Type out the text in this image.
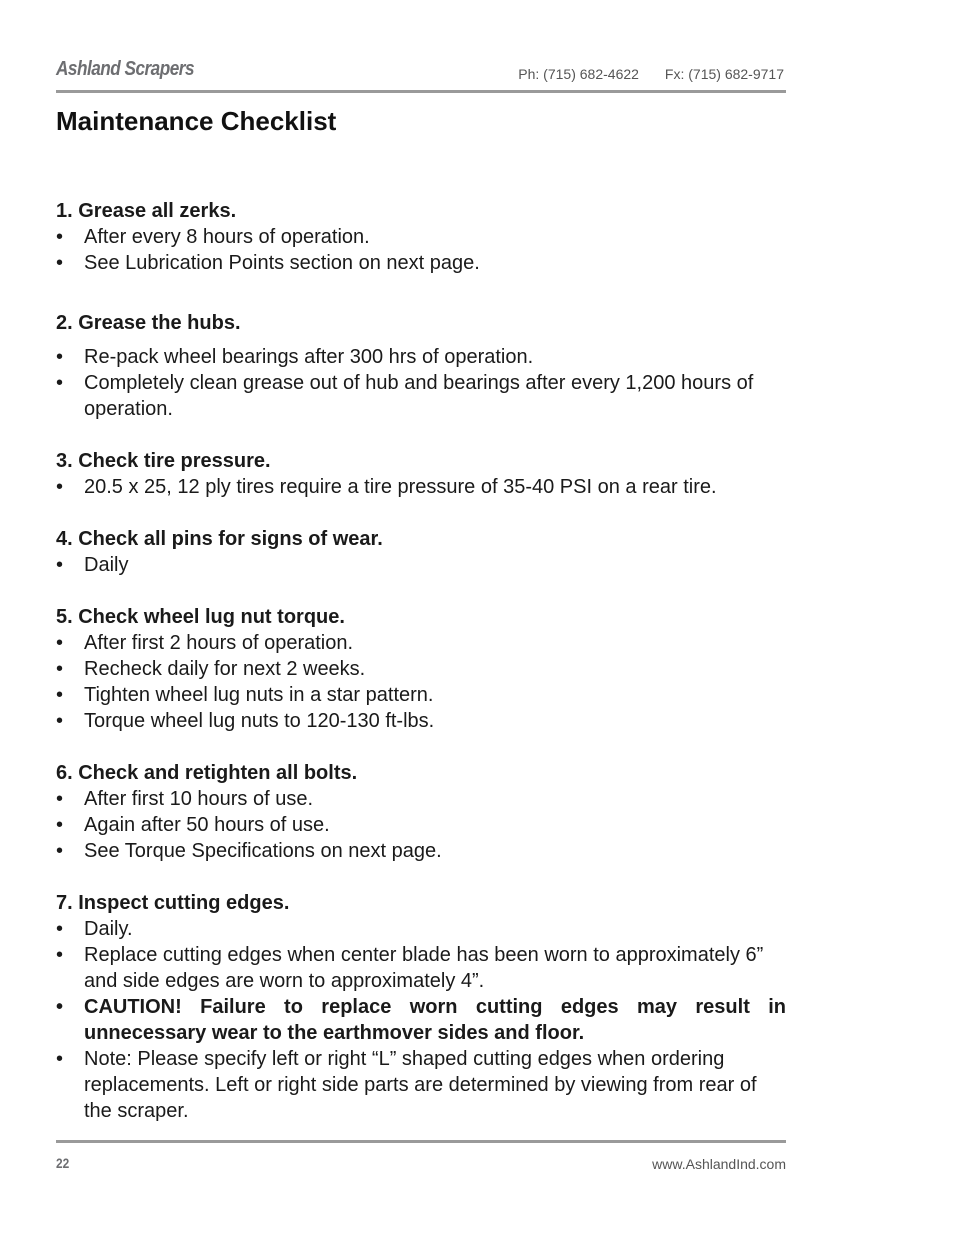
Ashland Scrapers	Ph: (715) 682-4622 Fx: (715) 682-9717
Maintenance Checklist

1. Grease all zerks.

• After every 8 hours of operation.
• See Lubrication Points section on next page.

2. Grease the hubs.

• Re-pack wheel bearings after 300 hrs of operation.
• Completely clean grease out of hub and bearings after every 1,200 hours of operation.

3. Check tire pressure.

• 20.5 x 25, 12 ply tires require a tire pressure of 35-40 PSI on a rear tire.

4. Check all pins for signs of wear.

• Daily

5. Check wheel lug nut torque.

• After first 2 hours of operation.
• Recheck daily for next 2 weeks.
• Tighten wheel lug nuts in a star pattern.
• Torque wheel lug nuts to 120-130 ft-lbs.

6. Check and retighten all bolts.

• After first 10 hours of use.
• Again after 50 hours of use.
• See Torque Specifications on next page.

7. Inspect cutting edges.

• Daily.
• Replace cutting edges when center blade has been worn to approximately 6” and side edges are worn to approximately 4”.
• CAUTION! Failure to replace worn cutting edges may result in unnecessary wear to the earthmover sides and floor.
• Note: Please specify left or right “L” shaped cutting edges when ordering replacements. Left or right side parts are determined by viewing from rear of the scraper.
22	www.AshlandInd.com
